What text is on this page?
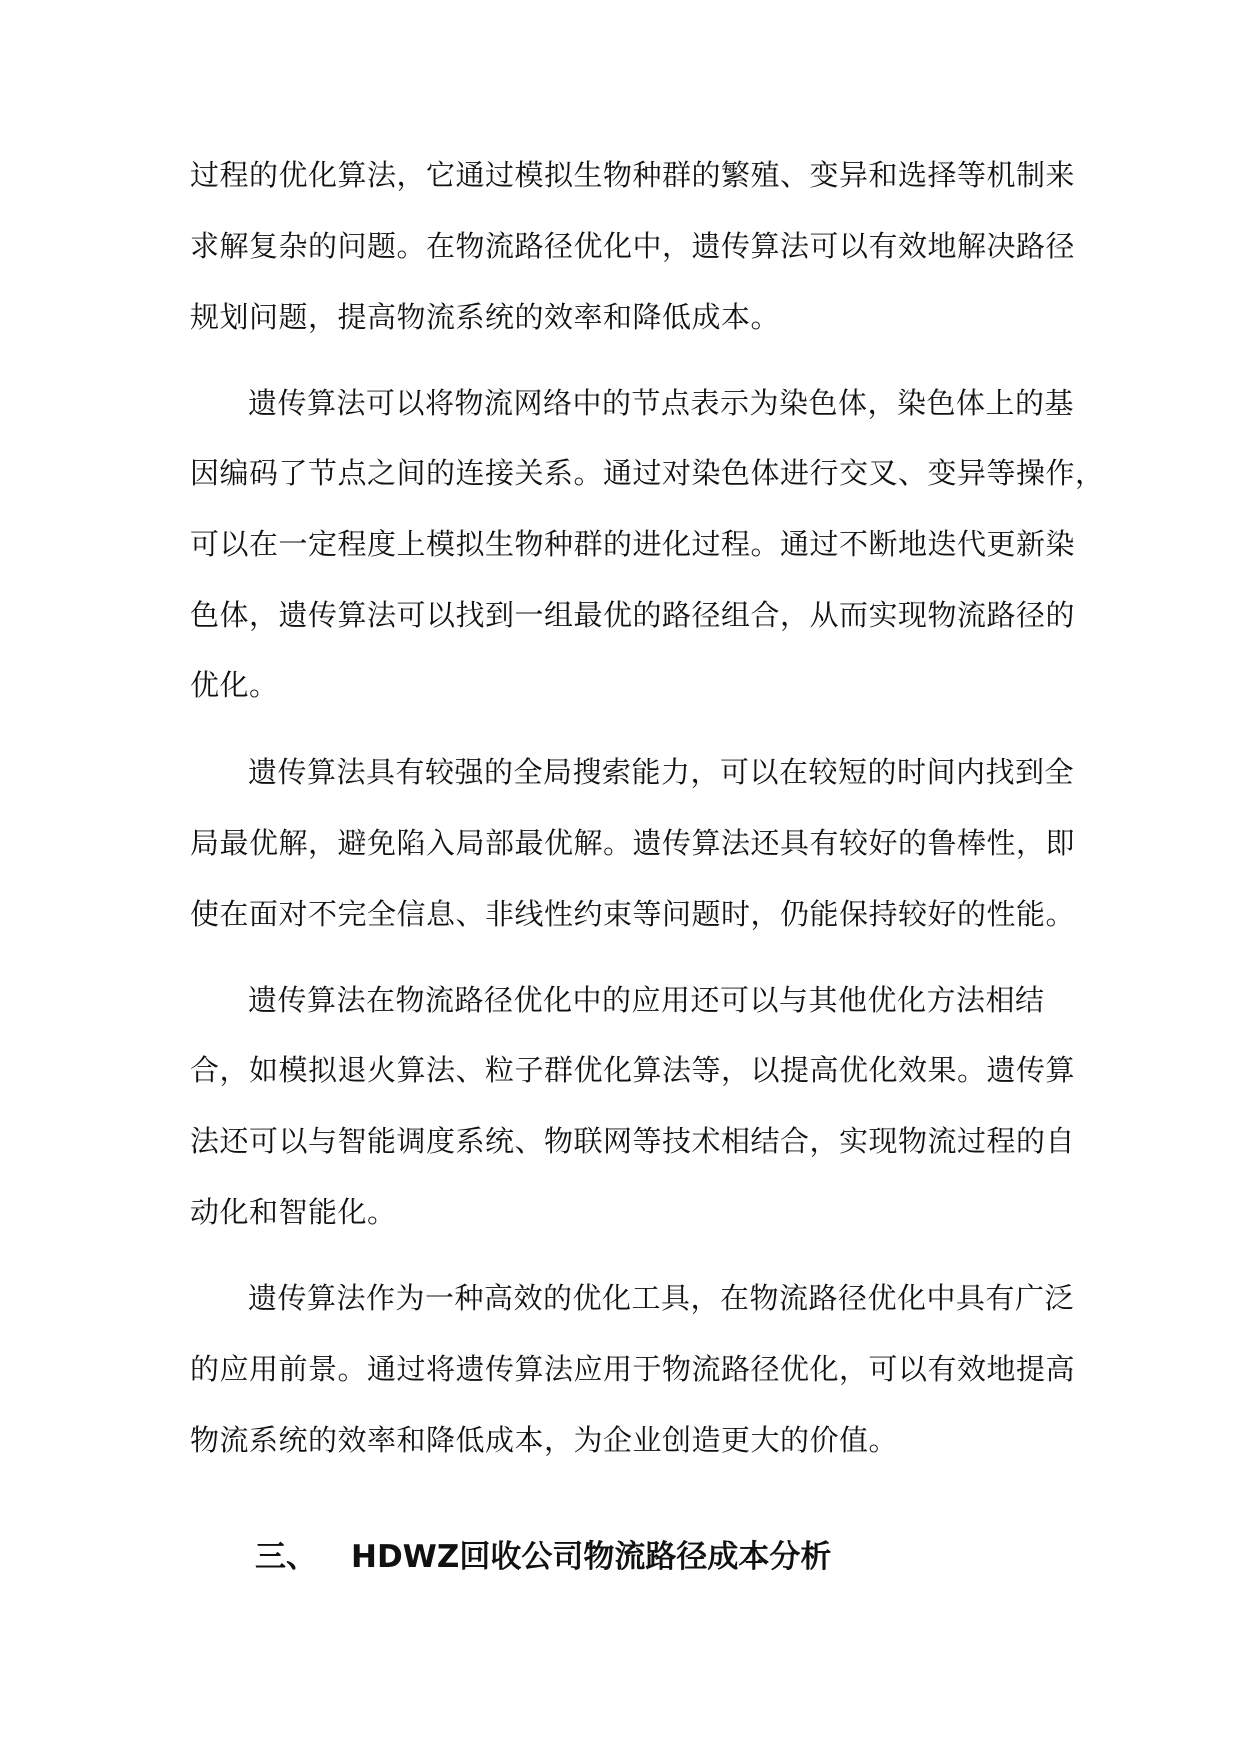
过程的优化算法，它通过模拟生物种群的繁殖、变异和选择等机制来
求解复杂的问题。在物流路径优化中，遗传算法可以有效地解决路径
规划问题，提高物流系统的效率和降低成本。
遗传算法可以将物流网络中的节点表示为染色体，染色体上的基
因编码了节点之间的连接关系。通过对染色体进行交叉、变异等操作，
可以在一定程度上模拟生物种群的进化过程。通过不断地迭代更新染
色体，遗传算法可以找到一组最优的路径组合，从而实现物流路径的
优化。
遗传算法具有较强的全局搜索能力，可以在较短的时间内找到全
局最优解，避免陷入局部最优解。遗传算法还具有较好的鲁棒性，即
使在面对不完全信息、非线性约束等问题时，仍能保持较好的性能。
遗传算法在物流路径优化中的应用还可以与其他优化方法相结
合，如模拟退火算法、粒子群优化算法等，以提高优化效果。遗传算
法还可以与智能调度系统、物联网等技术相结合，实现物流过程的自
动化和智能化。
遗传算法作为一种高效的优化工具，在物流路径优化中具有广泛
的应用前景。通过将遗传算法应用于物流路径优化，可以有效地提高
物流系统的效率和降低成本，为企业创造更大的价值。
三、 HDWZ回收公司物流路径成本分析
